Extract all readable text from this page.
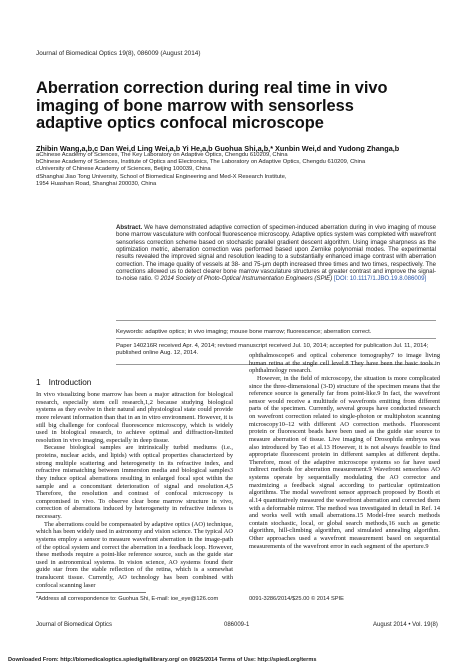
Journal of Biomedical Optics 19(8), 086009 (August 2014)
Aberration correction during real time in vivo
imaging of bone marrow with sensorless
adaptive optics confocal microscope
Zhibin Wang,a,b,c Dan Wei,d Ling Wei,a,b Yi He,a,b Guohua Shi,a,b,* Xunbin Wei,d and Yudong Zhanga,b
aChinese Academy of Sciences, The Key Laboratory on Adaptive Optics, Chengdu 610209, China
bChinese Academy of Sciences, Institute of Optics and Electronics, The Laboratory on Adaptive Optics, Chengdu 610209, China
cUniversity of Chinese Academy of Sciences, Beijing 100039, China
dShanghai Jiao Tong University, School of Biomedical Engineering and Med-X Research Institute,
1954 Huashan Road, Shanghai 200030, China
Abstract. We have demonstrated adaptive correction of specimen-induced aberration during in vivo imaging of mouse bone marrow vasculature with confocal fluorescence microscopy. Adaptive optics system was completed with wavefront sensorless correction scheme based on stochastic parallel gradient descent algorithm. Using image sharpness as the optimization metric, aberration correction was performed based upon Zernike polynomial modes. The experimental results revealed the improved signal and resolution leading to a substantially enhanced image contrast with aberration correction. The image quality of vessels at 38- and 75-μm depth increased three times and two times, respectively. The corrections allowed us to detect clearer bone marrow vasculature structures at greater contrast and improve the signal-to-noise ratio. © 2014 Society of Photo-Optical Instrumentation Engineers (SPIE) [DOI: 10.1117/1.JBO.19.8.086009]
Keywords: adaptive optics; in vivo imaging; mouse bone marrow; fluorescence; aberration correct.
Paper 140216R received Apr. 4, 2014; revised manuscript received Jul. 10, 2014; accepted for publication Jul. 11, 2014; published online Aug. 12, 2014.
1 Introduction

In vivo visualizing bone marrow has been a major attraction for biological research, especially stem cell research,1,2 because studying biological systems as they evolve in their natural and physiological state could provide more relevant information than that in an in vitro environment. However, it is still big challenge for confocal fluorescence microscopy, which is widely used in biological research, to achieve optimal and diffraction-limited resolution in vivo imaging, especially in deep tissue.

Because biological samples are intrinsically turbid mediums (i.e., proteins, nuclear acids, and lipids) with optical properties characterized by strong multiple scattering and heterogeneity in its refractive index, and refractive mismatching between immersion media and biological samples3 they induce optical aberrations resulting in enlarged focal spot within the sample and a concomitant deterioration of signal and resolution.4,5 Therefore, the resolution and contrast of confocal microscopy is compromised in vivo. To observe clear bone marrow structure in vivo, correction of aberrations induced by heterogeneity in refractive indexes is necessary.

The aberrations could be compensated by adaptive optics (AO) technique, which has been widely used in astronomy and vision science. The typical AO systems employ a sensor to measure wavefront aberration in the image-path of the optical system and correct the aberration in a feedback loop. However, these methods require a point-like reference source, such as the guide star used in astronomical systems. In vision science, AO systems found their guide star from the stable reflection of the retina, which is a somewhat translucent tissue. Currently, AO technology has been combined with confocal scanning laser

ophthalmoscope6 and optical coherence tomography7 to image living human retina at the single cell level.8 They have been the basic tools in ophthalmology research.

However, in the field of microscopy, the situation is more complicated since the three-dimensional (3-D) structure of the specimen means that the reference source is generally far from point-like.9 In fact, the wavefront sensor would receive a multitude of wavefronts emitting from different parts of the specimen. Currently, several groups have conducted research on wavefront correction related to single-photon or multiphoton scanning microscopy10–12 with different AO correction methods. Fluorescent protein or fluorescent beads have been used as the guide star source to measure aberration of tissue. Live imaging of Drosophila embryos was also introduced by Tao et al.13 However, it is not always feasible to find appropriate fluorescent protein in different samples at different depths. Therefore, most of the adaptive microscope systems so far have used indirect methods for aberration measurement.9 Wavefront sensorless AO systems operate by sequentially modulating the AO corrector and maximizing a feedback signal according to particular optimization algorithms. The modal wavefront sensor approach proposed by Booth et al.14 quantitatively measured the wavefront aberration and corrected them with a deformable mirror. The method was investigated in detail in Ref. 14 and works well with small aberrations.15 Model-free search methods contain stochastic, local, or global search methods,16 such as genetic algorithm, hill-climbing algorithm, and simulated annealing algorithm. Other approaches used a wavefront measurement based on sequential measurements of the wavefront error in each segment of the aperture.9

*Address all correspondence to: Guohua Shi, E-mail: ioe_eye@126.com	0091-3286/2014/$25.00 © 2014 SPIE
Journal of Biomedical Optics	086009-1	August 2014 • Vol. 19(8)
Downloaded From: http://biomedicaloptics.spiedigitallibrary.org/ on 09/25/2014 Terms of Use: http://spiedl.org/terms
